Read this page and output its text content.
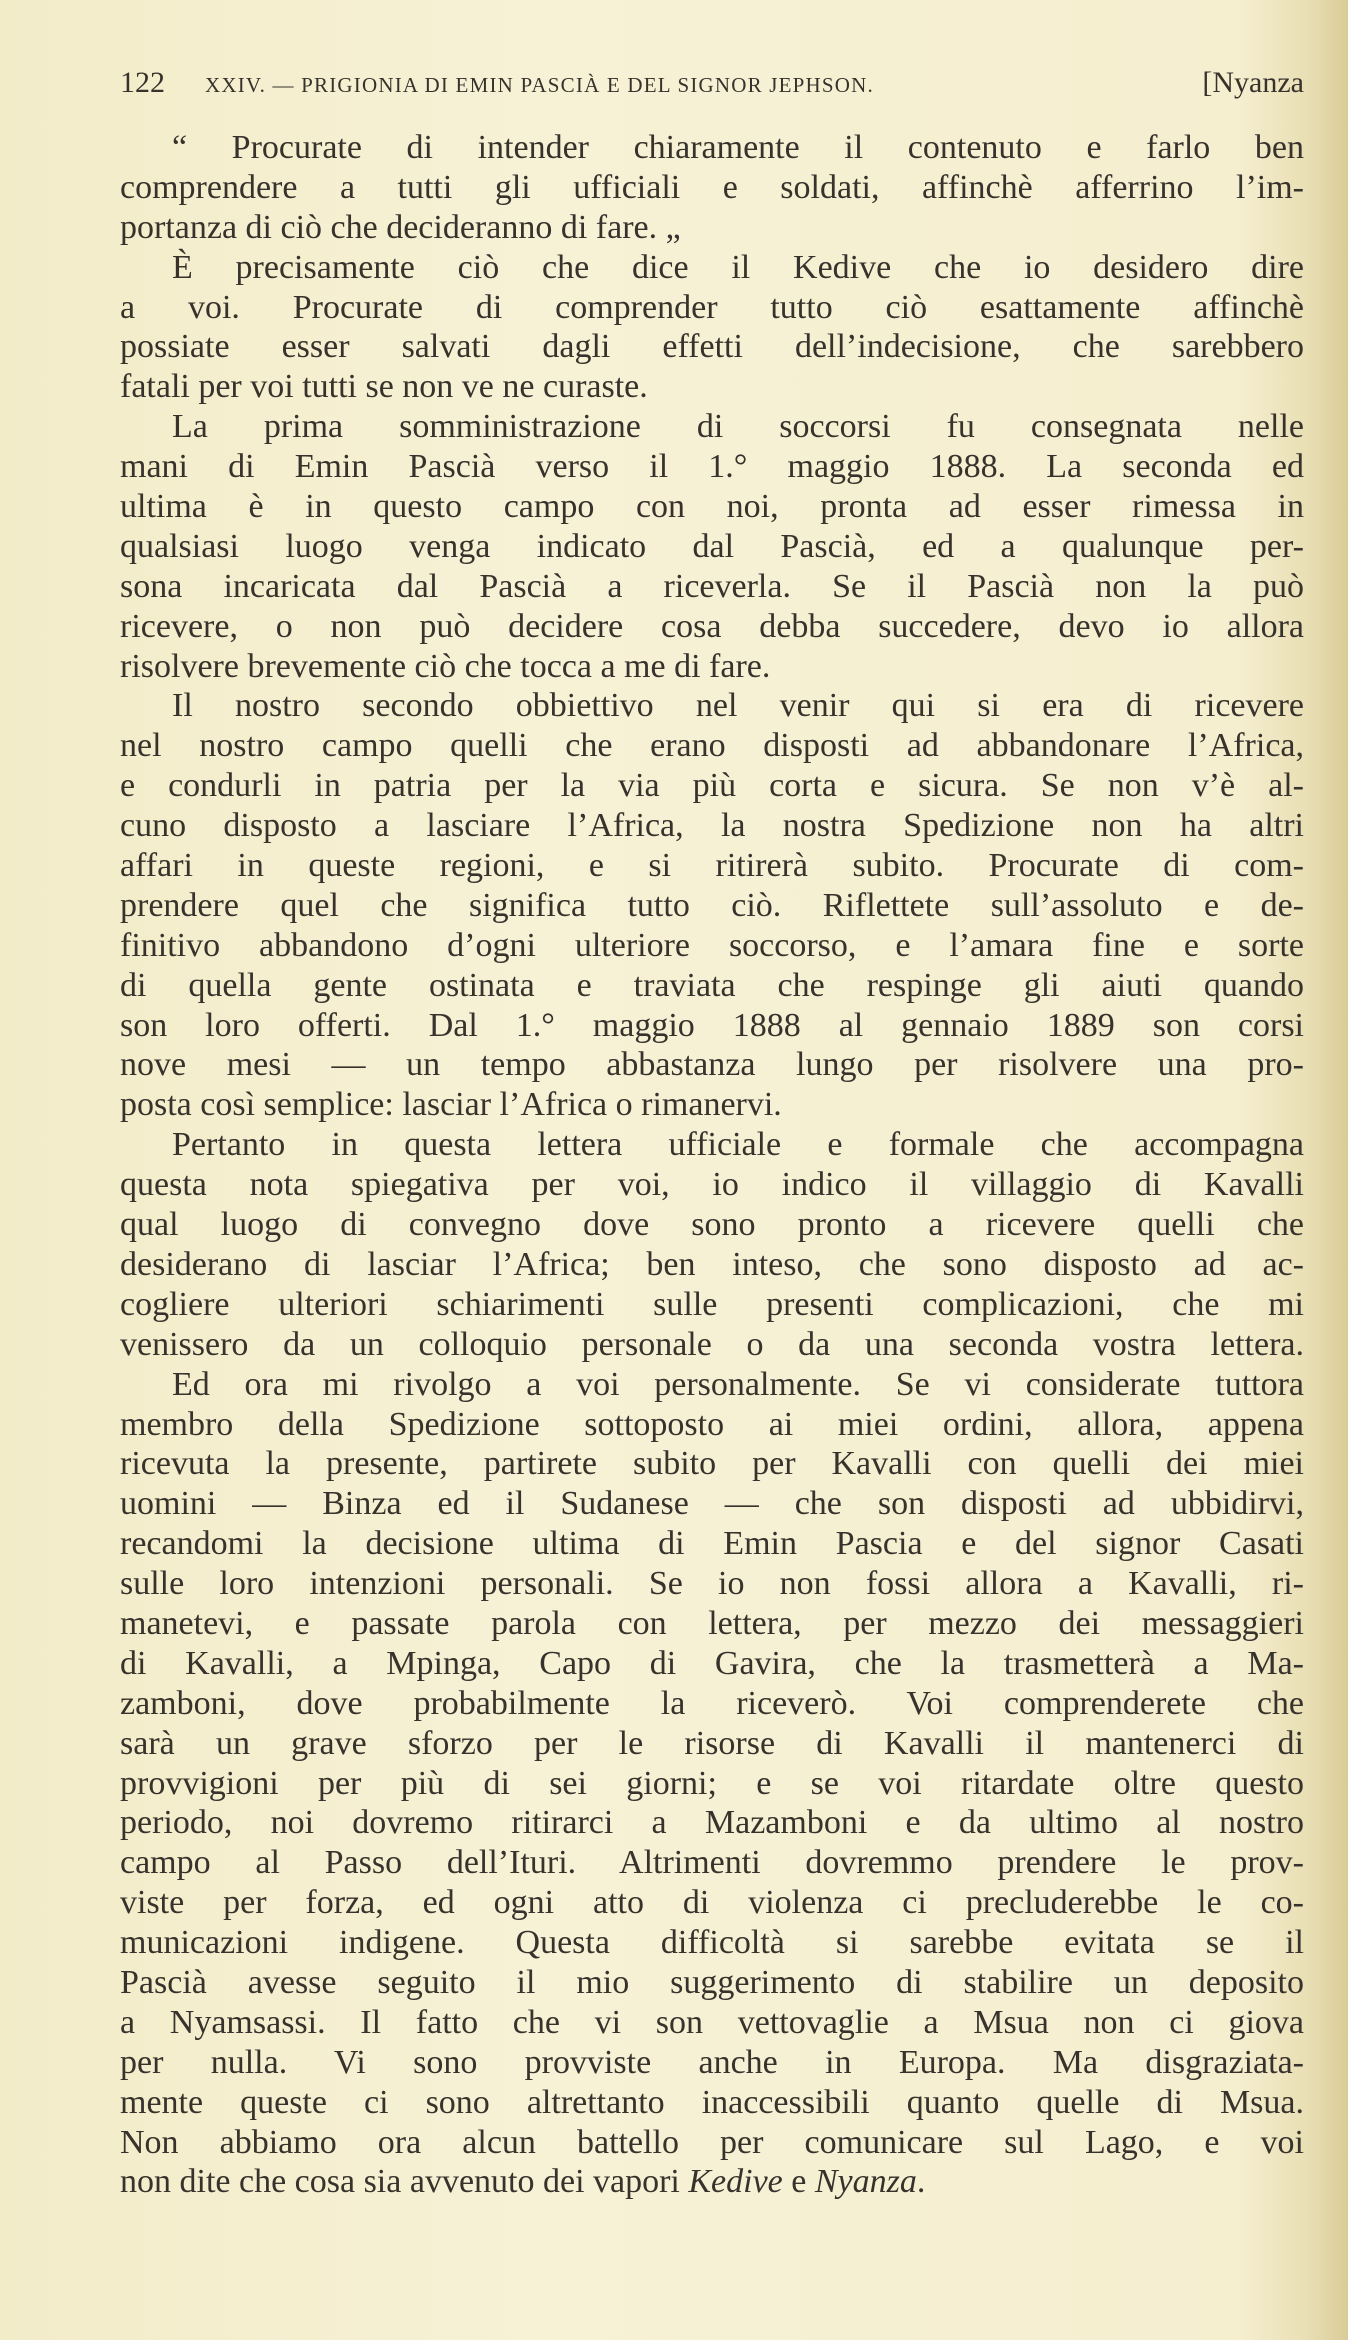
122 XXIV. — PRIGIONIA DI EMIN PASCIÀ E DEL SIGNOR JEPHSON.	[Nyanza
“ Procurate di intender chiaramente il contenuto e farlo ben
comprendere a tutti gli ufficiali e soldati, affinchè afferrino l’im-
portanza di ciò che decideranno di fare. „
È precisamente ciò che dice il Kedive che io desidero dire
a voi. Procurate di comprender tutto ciò esattamente affinchè
possiate esser salvati dagli effetti dell’indecisione, che sarebbero
fatali per voi tutti se non ve ne curaste.
La prima somministrazione di soccorsi fu consegnata nelle
mani di Emin Pascià verso il 1.° maggio 1888. La seconda ed
ultima è in questo campo con noi, pronta ad esser rimessa in
qualsiasi luogo venga indicato dal Pascià, ed a qualunque per-
sona incaricata dal Pascià a riceverla. Se il Pascià non la può
ricevere, o non può decidere cosa debba succedere, devo io allora
risolvere brevemente ciò che tocca a me di fare.
Il nostro secondo obbiettivo nel venir qui si era di ricevere
nel nostro campo quelli che erano disposti ad abbandonare l’Africa,
e condurli in patria per la via più corta e sicura. Se non v’è al-
cuno disposto a lasciare l’Africa, la nostra Spedizione non ha altri
affari in queste regioni, e si ritirerà subito. Procurate di com-
prendere quel che significa tutto ciò. Riflettete sull’assoluto e de-
finitivo abbandono d’ogni ulteriore soccorso, e l’amara fine e sorte
di quella gente ostinata e traviata che respinge gli aiuti quando
son loro offerti. Dal 1.° maggio 1888 al gennaio 1889 son corsi
nove mesi — un tempo abbastanza lungo per risolvere una pro-
posta così semplice: lasciar l’Africa o rimanervi.
Pertanto in questa lettera ufficiale e formale che accompagna
questa nota spiegativa per voi, io indico il villaggio di Kavalli
qual luogo di convegno dove sono pronto a ricevere quelli che
desiderano di lasciar l’Africa; ben inteso, che sono disposto ad ac-
cogliere ulteriori schiarimenti sulle presenti complicazioni, che mi
venissero da un colloquio personale o da una seconda vostra lettera.
Ed ora mi rivolgo a voi personalmente. Se vi considerate tuttora
membro della Spedizione sottoposto ai miei ordini, allora, appena
ricevuta la presente, partirete subito per Kavalli con quelli dei miei
uomini — Binza ed il Sudanese — che son disposti ad ubbidirvi,
recandomi la decisione ultima di Emin Pascia e del signor Casati
sulle loro intenzioni personali. Se io non fossi allora a Kavalli, ri-
manetevi, e passate parola con lettera, per mezzo dei messaggieri
di Kavalli, a Mpinga, Capo di Gavira, che la trasmetterà a Ma-
zamboni, dove probabilmente la riceverò. Voi comprenderete che
sarà un grave sforzo per le risorse di Kavalli il mantenerci di
provvigioni per più di sei giorni; e se voi ritardate oltre questo
periodo, noi dovremo ritirarci a Mazamboni e da ultimo al nostro
campo al Passo dell’Ituri. Altrimenti dovremmo prendere le prov-
viste per forza, ed ogni atto di violenza ci precluderebbe le co-
municazioni indigene. Questa difficoltà si sarebbe evitata se il
Pascià avesse seguito il mio suggerimento di stabilire un deposito
a Nyamsassi. Il fatto che vi son vettovaglie a Msua non ci giova
per nulla. Vi sono provviste anche in Europa. Ma disgraziata-
mente queste ci sono altrettanto inaccessibili quanto quelle di Msua.
Non abbiamo ora alcun battello per comunicare sul Lago, e voi
non dite che cosa sia avvenuto dei vapori Kedive e Nyanza.
